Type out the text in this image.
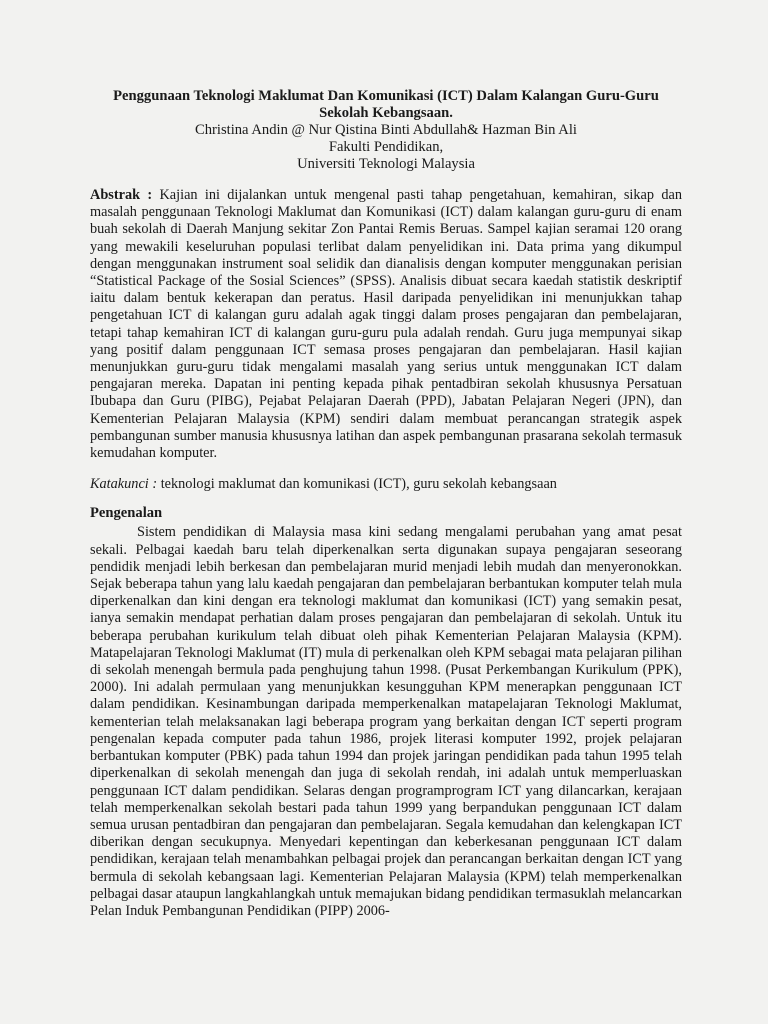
Penggunaan Teknologi Maklumat Dan Komunikasi (ICT) Dalam Kalangan Guru-Guru Sekolah Kebangsaan.

Christina Andin @ Nur Qistina Binti Abdullah& Hazman Bin Ali

Fakulti Pendidikan,

Universiti Teknologi Malaysia

Abstrak : Kajian ini dijalankan untuk mengenal pasti tahap pengetahuan, kemahiran, sikap dan masalah penggunaan Teknologi Maklumat dan Komunikasi (ICT) dalam kalangan guru-guru di enam buah sekolah di Daerah Manjung sekitar Zon Pantai Remis Beruas. Sampel kajian seramai 120 orang yang mewakili keseluruhan populasi terlibat dalam penyelidikan ini. Data prima yang dikumpul dengan menggunakan instrument soal selidik dan dianalisis dengan komputer menggunakan perisian “Statistical Package of the Sosial Sciences” (SPSS). Analisis dibuat secara kaedah statistik deskriptif iaitu dalam bentuk kekerapan dan peratus. Hasil daripada penyelidikan ini menunjukkan tahap pengetahuan ICT di kalangan guru adalah agak tinggi dalam proses pengajaran dan pembelajaran, tetapi tahap kemahiran ICT di kalangan guru-guru pula adalah rendah. Guru juga mempunyai sikap yang positif dalam penggunaan ICT semasa proses pengajaran dan pembelajaran. Hasil kajian menunjukkan guru-guru tidak mengalami masalah yang serius untuk menggunakan ICT dalam pengajaran mereka. Dapatan ini penting kepada pihak pentadbiran sekolah khususnya Persatuan Ibubapa dan Guru (PIBG), Pejabat Pelajaran Daerah (PPD), Jabatan Pelajaran Negeri (JPN), dan Kementerian Pelajaran Malaysia (KPM) sendiri dalam membuat perancangan strategik aspek pembangunan sumber manusia khususnya latihan dan aspek pembangunan prasarana sekolah termasuk kemudahan komputer.

Katakunci : teknologi maklumat dan komunikasi (ICT), guru sekolah kebangsaan

Pengenalan

Sistem pendidikan di Malaysia masa kini sedang mengalami perubahan yang amat pesat sekali. Pelbagai kaedah baru telah diperkenalkan serta digunakan supaya pengajaran seseorang pendidik menjadi lebih berkesan dan pembelajaran murid menjadi lebih mudah dan menyeronokkan. Sejak beberapa tahun yang lalu kaedah pengajaran dan pembelajaran berbantukan komputer telah mula diperkenalkan dan kini dengan era teknologi maklumat dan komunikasi (ICT) yang semakin pesat, ianya semakin mendapat perhatian dalam proses pengajaran dan pembelajaran di sekolah. Untuk itu beberapa perubahan kurikulum telah dibuat oleh pihak Kementerian Pelajaran Malaysia (KPM). Matapelajaran Teknologi Maklumat (IT) mula di perkenalkan oleh KPM sebagai mata pelajaran pilihan di sekolah menengah bermula pada penghujung tahun 1998. (Pusat Perkembangan Kurikulum (PPK), 2000). Ini adalah permulaan yang menunjukkan kesungguhan KPM menerapkan penggunaan ICT dalam pendidikan. Kesinambungan daripada memperkenalkan matapelajaran Teknologi Maklumat, kementerian telah melaksanakan lagi beberapa program yang berkaitan dengan ICT seperti program pengenalan kepada computer pada tahun 1986, projek literasi komputer 1992, projek pelajaran berbantukan komputer (PBK) pada tahun 1994 dan projek jaringan pendidikan pada tahun 1995 telah diperkenalkan di sekolah menengah dan juga di sekolah rendah, ini adalah untuk memperluaskan penggunaan ICT dalam pendidikan. Selaras dengan programprogram ICT yang dilancarkan, kerajaan telah memperkenalkan sekolah bestari pada tahun 1999 yang berpandukan penggunaan ICT dalam semua urusan pentadbiran dan pengajaran dan pembelajaran. Segala kemudahan dan kelengkapan ICT diberikan dengan secukupnya. Menyedari kepentingan dan keberkesanan penggunaan ICT dalam pendidikan, kerajaan telah menambahkan pelbagai projek dan perancangan berkaitan dengan ICT yang bermula di sekolah kebangsaan lagi. Kementerian Pelajaran Malaysia (KPM) telah memperkenalkan pelbagai dasar ataupun langkahlangkah untuk memajukan bidang pendidikan termasuklah melancarkan Pelan Induk Pembangunan Pendidikan (PIPP) 2006-
